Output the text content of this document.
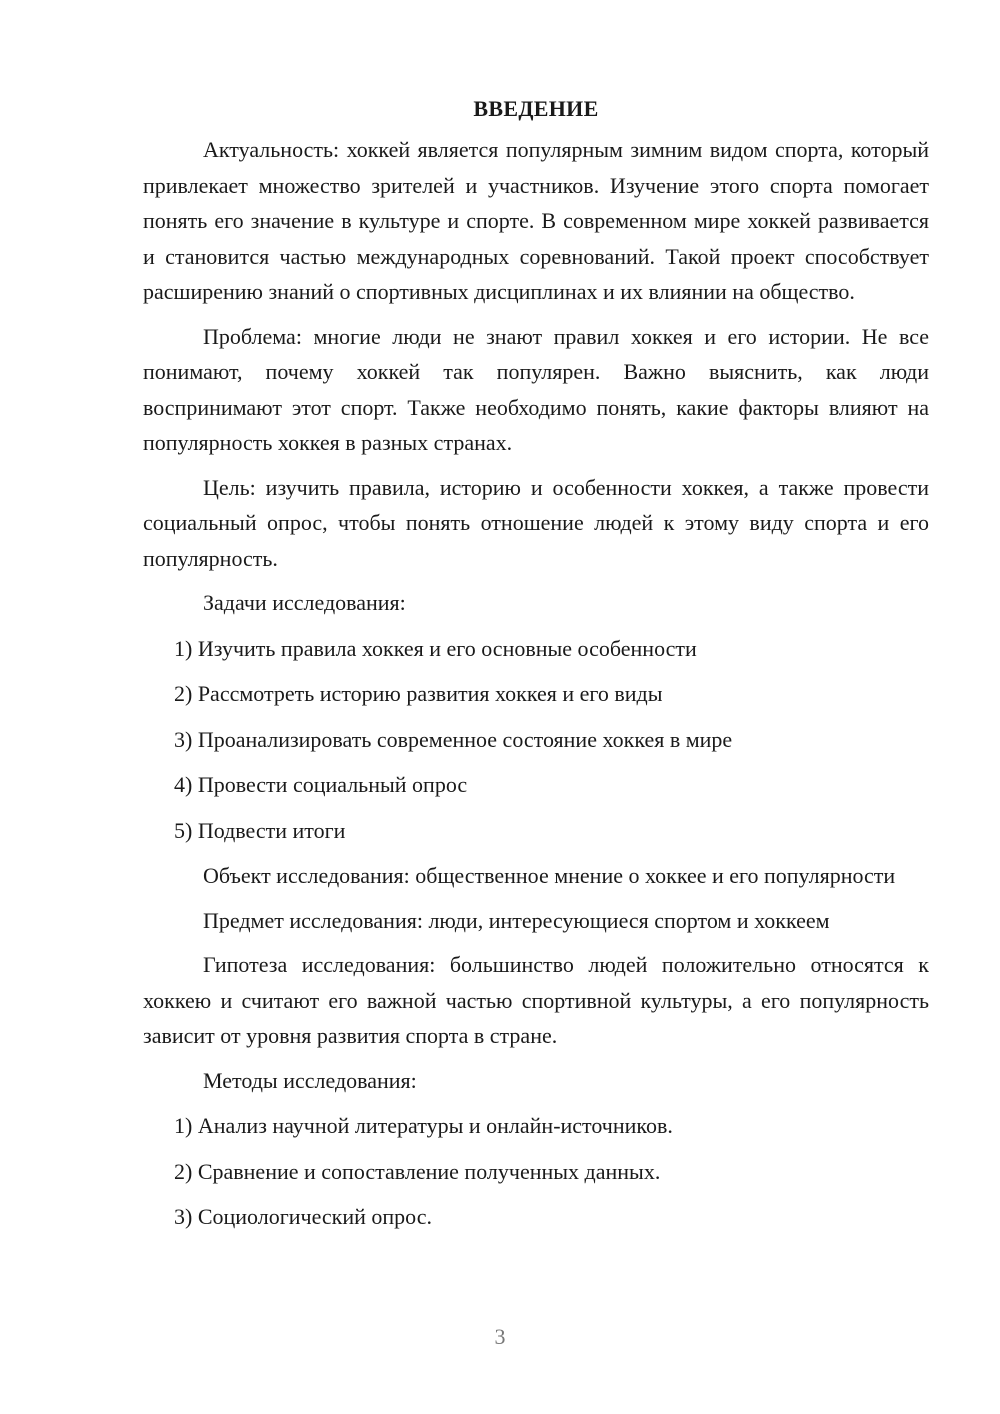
ВВЕДЕНИЕ

Актуальность: хоккей является популярным зимним видом спорта, который привлекает множество зрителей и участников. Изучение этого спорта помогает понять его значение в культуре и спорте. В современном мире хоккей развивается и становится частью международных соревнований. Такой проект способствует расширению знаний о спортивных дисциплинах и их влиянии на общество.

Проблема: многие люди не знают правил хоккея и его истории. Не все понимают, почему хоккей так популярен. Важно выяснить, как люди воспринимают этот спорт. Также необходимо понять, какие факторы влияют на популярность хоккея в разных странах.

Цель: изучить правила, историю и особенности хоккея, а также провести социальный опрос, чтобы понять отношение людей к этому виду спорта и его популярность.

Задачи исследования:

1) Изучить правила хоккея и его основные особенности
2) Рассмотреть историю развития хоккея и его виды
3) Проанализировать современное состояние хоккея в мире
4) Провести социальный опрос
5) Подвести итоги

Объект исследования: общественное мнение о хоккее и его популярности

Предмет исследования: люди, интересующиеся спортом и хоккеем

Гипотеза исследования: большинство людей положительно относятся к хоккею и считают его важной частью спортивной культуры, а его популярность зависит от уровня развития спорта в стране.

Методы исследования:

1) Анализ научной литературы и онлайн-источников.
2) Сравнение и сопоставление полученных данных.
3) Социологический опрос.
3
